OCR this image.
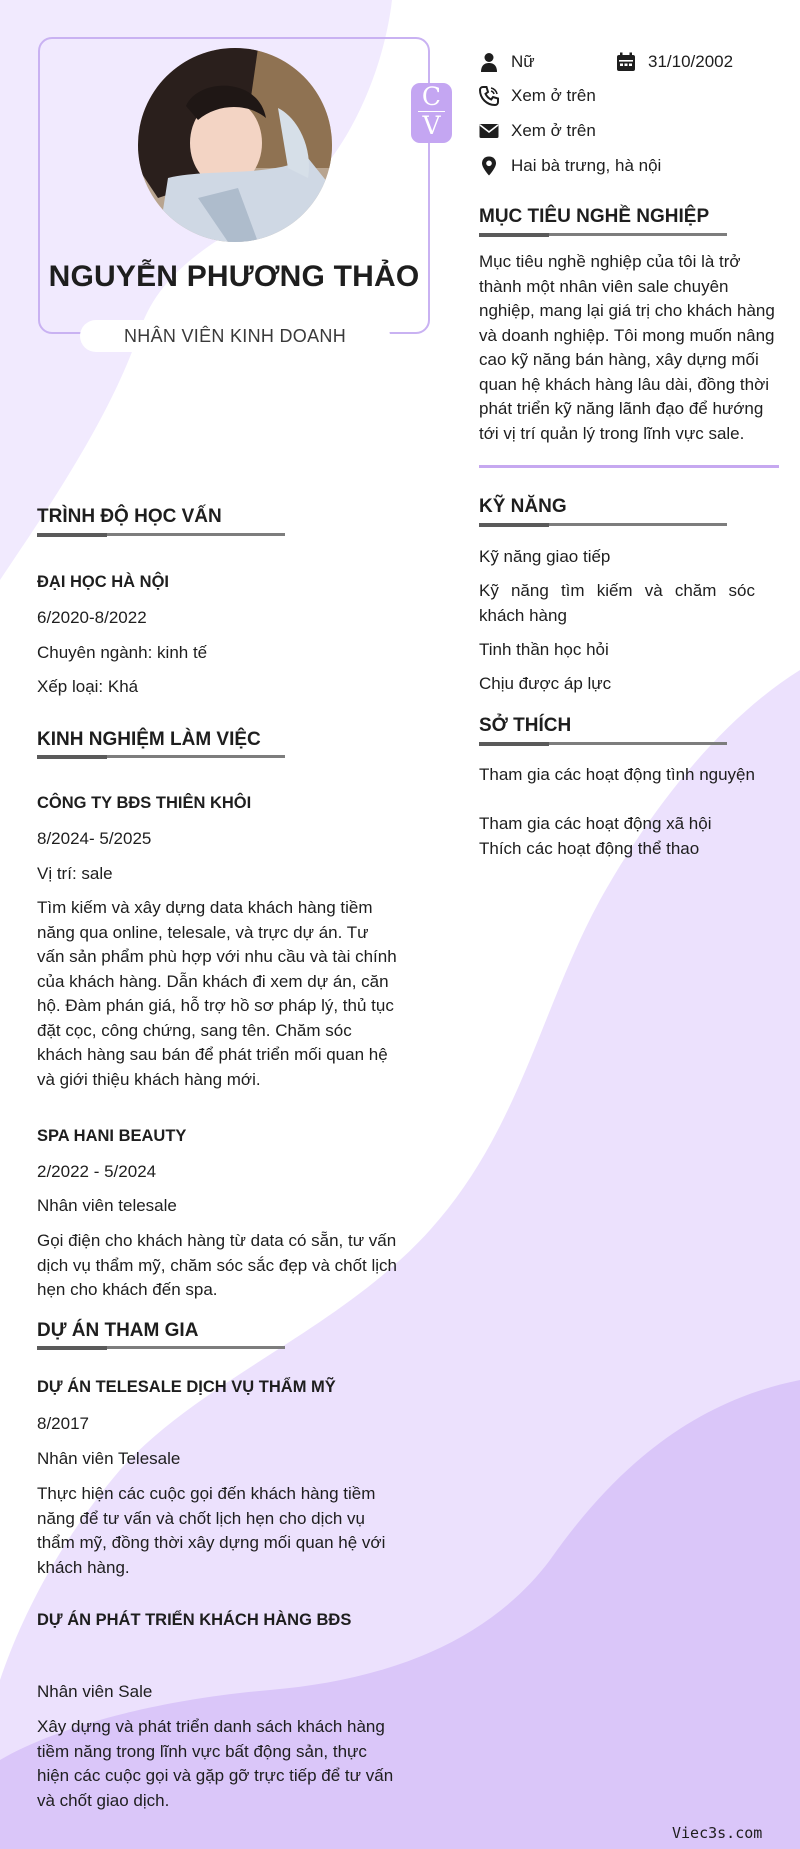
C
V
NGUYỄN PHƯƠNG THẢO
NHÂN VIÊN KINH DOANH
Nữ	31/10/2002
Xem ở trên
Xem ở trên
Hai bà trưng, hà nội
MỤC TIÊU NGHỀ NGHIỆP
Mục tiêu nghề nghiệp của tôi là trở thành một nhân viên sale chuyên nghiệp, mang lại giá trị cho khách hàng và doanh nghiệp. Tôi mong muốn nâng cao kỹ năng bán hàng, xây dựng mối quan hệ khách hàng lâu dài, đồng thời phát triển kỹ năng lãnh đạo để hướng tới vị trí quản lý trong lĩnh vực sale.
KỸ NĂNG
Kỹ năng giao tiếp
Kỹ năng tìm kiếm và chăm sóc khách hàng
Tinh thần học hỏi
Chịu được áp lực
SỞ THÍCH
Tham gia các hoạt động tình nguyện
Tham gia các hoạt động xã hội
Thích các hoạt động thể thao
TRÌNH ĐỘ HỌC VẤN
ĐẠI HỌC HÀ NỘI
6/2020-8/2022
Chuyên ngành: kinh tế
Xếp loại: Khá
KINH NGHIỆM LÀM VIỆC
CÔNG TY BĐS THIÊN KHÔI
8/2024- 5/2025
Vị trí: sale
Tìm kiếm và xây dựng data khách hàng tiềm năng qua online, telesale, và trực dự án. Tư vấn sản phẩm phù hợp với nhu cầu và tài chính của khách hàng. Dẫn khách đi xem dự án, căn hộ. Đàm phán giá, hỗ trợ hồ sơ pháp lý, thủ tục đặt cọc, công chứng, sang tên. Chăm sóc khách hàng sau bán để phát triển mối quan hệ và giới thiệu khách hàng mới.
SPA HANI BEAUTY
2/2022 - 5/2024
Nhân viên telesale
Gọi điện cho khách hàng từ data có sẵn, tư vấn dịch vụ thẩm mỹ, chăm sóc sắc đẹp và chốt lịch hẹn cho khách đến spa.
DỰ ÁN THAM GIA
DỰ ÁN TELESALE DỊCH VỤ THẨM MỸ
8/2017
Nhân viên Telesale
Thực hiện các cuộc gọi đến khách hàng tiềm năng để tư vấn và chốt lịch hẹn cho dịch vụ thẩm mỹ, đồng thời xây dựng mối quan hệ với khách hàng.
DỰ ÁN PHÁT TRIỂN KHÁCH HÀNG BĐS
Nhân viên Sale
Xây dựng và phát triển danh sách khách hàng tiềm năng trong lĩnh vực bất động sản, thực hiện các cuộc gọi và gặp gỡ trực tiếp để tư vấn và chốt giao dịch.
Viec3s.com
